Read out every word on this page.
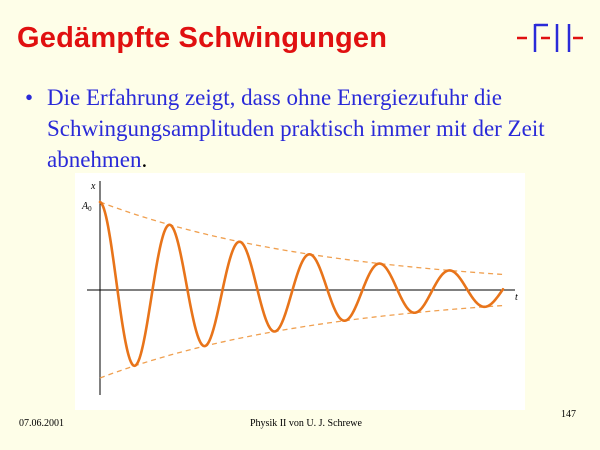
Gedämpfte Schwingungen
• Die Erfahrung zeigt, dass ohne Energiezufuhr die Schwingungsamplituden praktisch immer mit der Zeit abnehmen.
x
t
$A_0$
07.06.2001	Physik II von U. J. Schrewe
147
